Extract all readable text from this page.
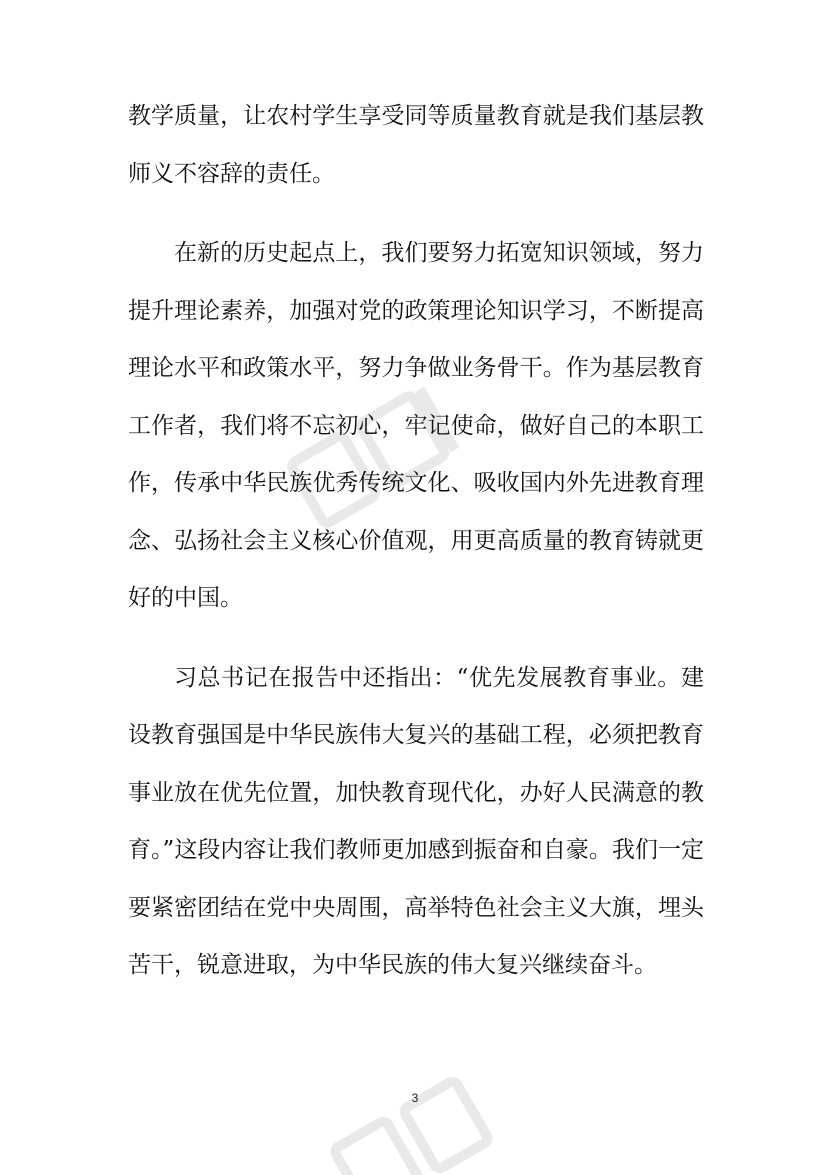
教学质量，让农村学生享受同等质量教育就是我们基层教师义不容辞的责任。

在新的历史起点上，我们要努力拓宽知识领域，努力提升理论素养，加强对党的政策理论知识学习，不断提高理论水平和政策水平，努力争做业务骨干。作为基层教育工作者，我们将不忘初心，牢记使命，做好自己的本职工作，传承中华民族优秀传统文化、吸收国内外先进教育理念、弘扬社会主义核心价值观，用更高质量的教育铸就更好的中国。

习总书记在报告中还指出：“优先发展教育事业。建设教育强国是中华民族伟大复兴的基础工程，必须把教育事业放在优先位置，加快教育现代化，办好人民满意的教育。”这段内容让我们教师更加感到振奋和自豪。我们一定要紧密团结在党中央周围，高举特色社会主义大旗，埋头苦干，锐意进取，为中华民族的伟大复兴继续奋斗。

3
